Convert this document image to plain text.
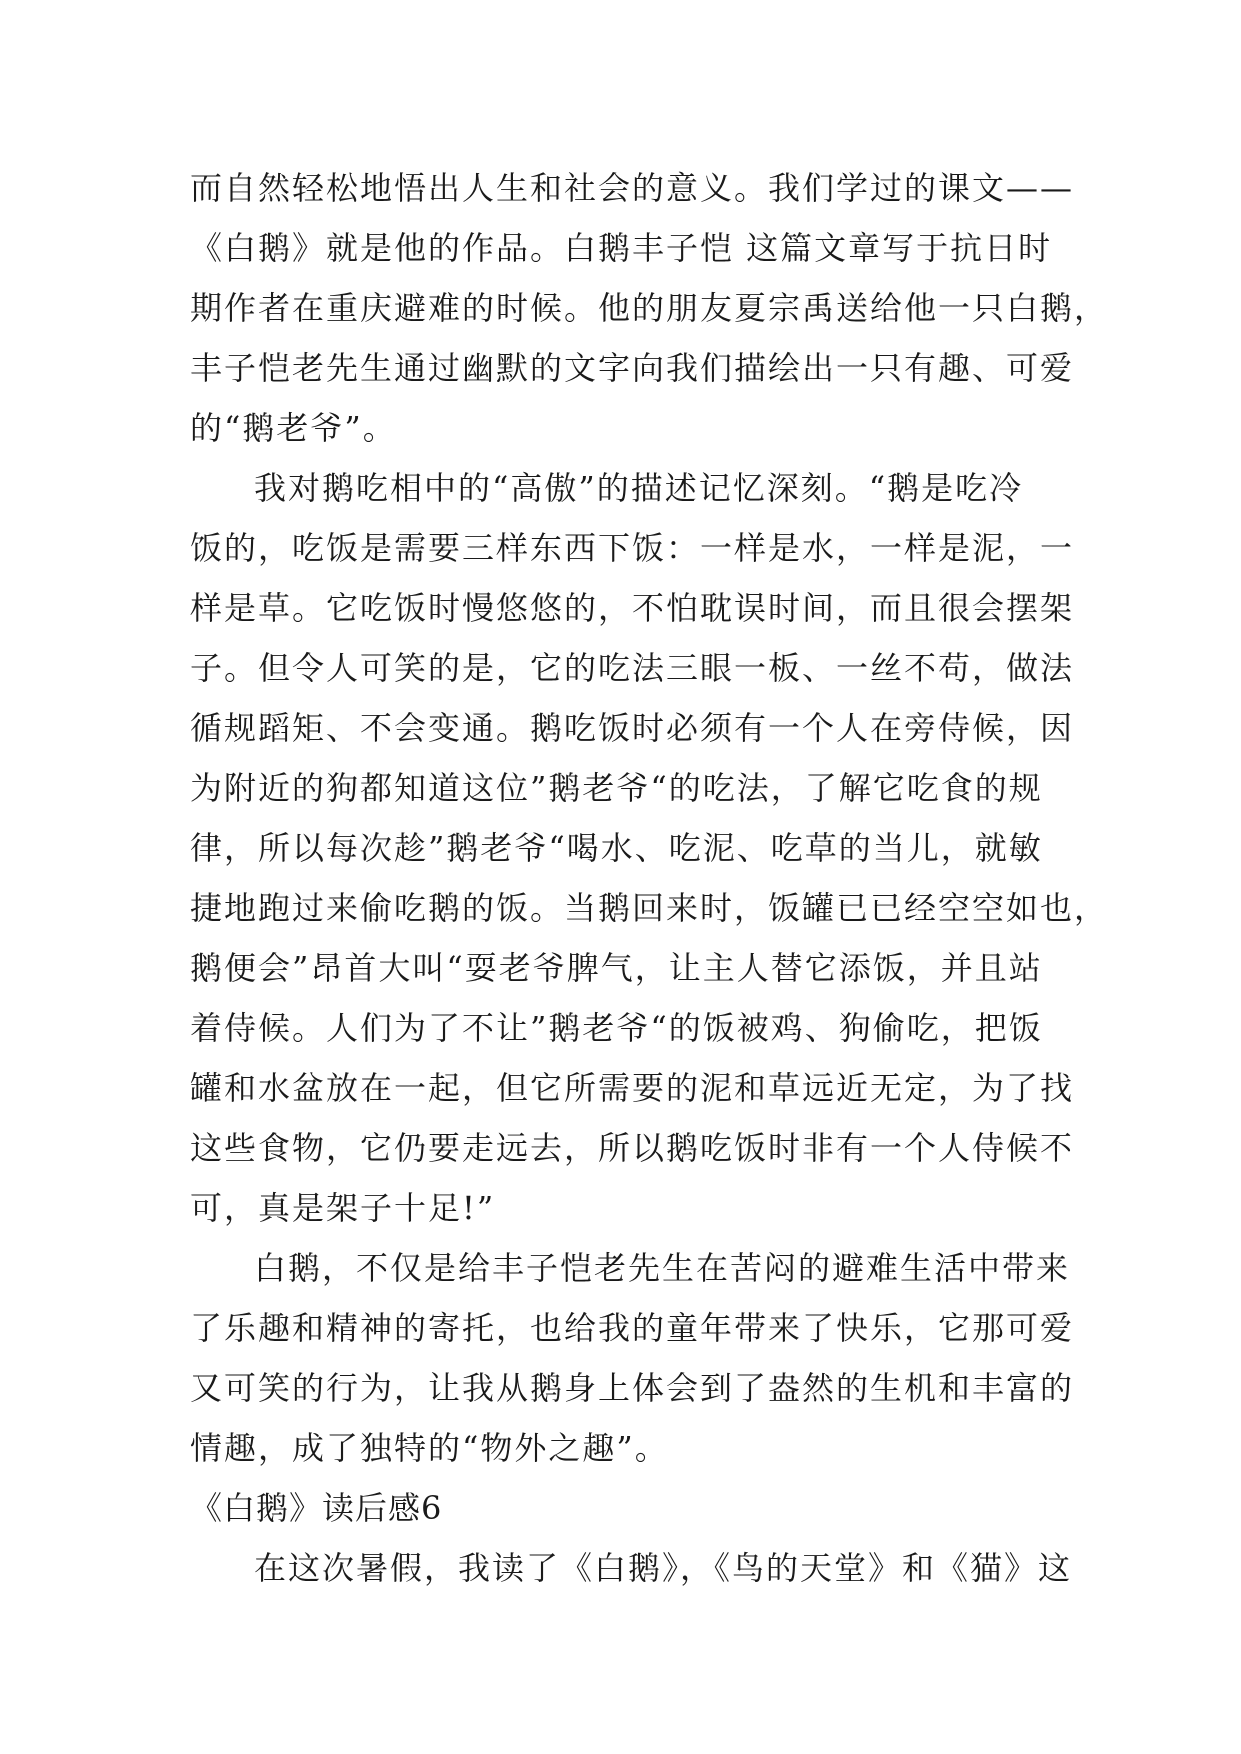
而自然轻松地悟出人生和社会的意义。我们学过的课文——
《白鹅》就是他的作品。白鹅丰子恺 这篇文章写于抗日时
期作者在重庆避难的时候。他的朋友夏宗禹送给他一只白鹅，
丰子恺老先生通过幽默的文字向我们描绘出一只有趣、可爱
的“鹅老爷”。
我对鹅吃相中的“高傲”的描述记忆深刻。“鹅是吃冷
饭的，吃饭是需要三样东西下饭：一样是水，一样是泥，一
样是草。它吃饭时慢悠悠的，不怕耽误时间，而且很会摆架
子。但令人可笑的是，它的吃法三眼一板、一丝不苟，做法
循规蹈矩、不会变通。鹅吃饭时必须有一个人在旁侍候，因
为附近的狗都知道这位”鹅老爷“的吃法，了解它吃食的规
律，所以每次趁”鹅老爷“喝水、吃泥、吃草的当儿，就敏
捷地跑过来偷吃鹅的饭。当鹅回来时，饭罐已已经空空如也，
鹅便会”昂首大叫“耍老爷脾气，让主人替它添饭，并且站
着侍候。人们为了不让”鹅老爷“的饭被鸡、狗偷吃，把饭
罐和水盆放在一起，但它所需要的泥和草远近无定，为了找
这些食物，它仍要走远去，所以鹅吃饭时非有一个人侍候不
可，真是架子十足!”
白鹅，不仅是给丰子恺老先生在苦闷的避难生活中带来
了乐趣和精神的寄托，也给我的童年带来了快乐，它那可爱
又可笑的行为，让我从鹅身上体会到了盎然的生机和丰富的
情趣，成了独特的“物外之趣”。
《白鹅》读后感6
在这次暑假，我读了《白鹅》，《鸟的天堂》和《猫》这
